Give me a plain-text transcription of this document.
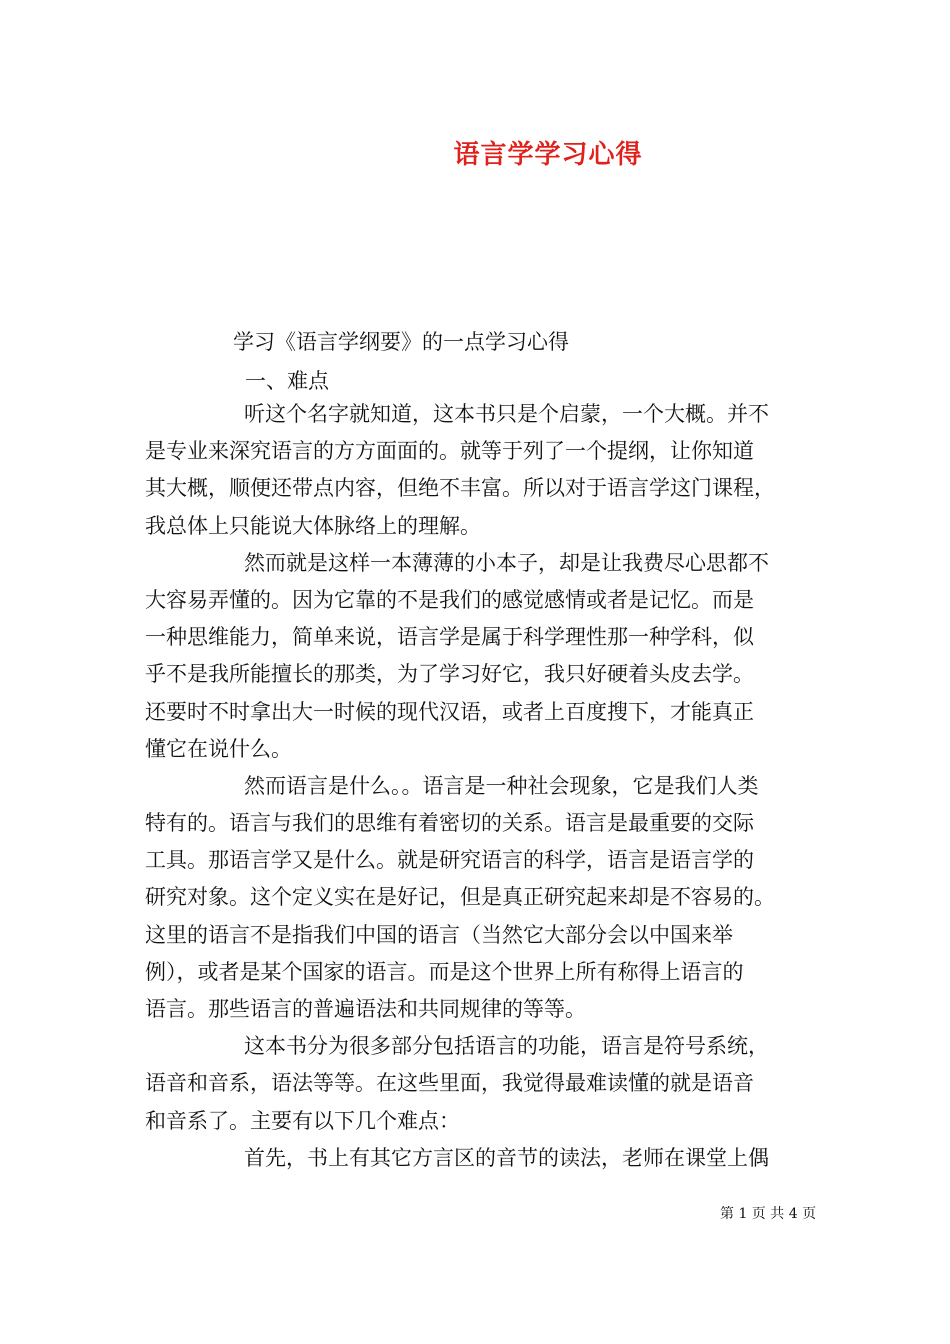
语言学学习心得
学习《语言学纲要》的一点学习心得
一、难点
听这个名字就知道，这本书只是个启蒙，一个大概。并不
是专业来深究语言的方方面面的。就等于列了一个提纲，让你知道
其大概，顺便还带点内容，但绝不丰富。所以对于语言学这门课程，
我总体上只能说大体脉络上的理解。
然而就是这样一本薄薄的小本子，却是让我费尽心思都不
大容易弄懂的。因为它靠的不是我们的感觉感情或者是记忆。而是
一种思维能力，简单来说，语言学是属于科学理性那一种学科，似
乎不是我所能擅长的那类，为了学习好它，我只好硬着头皮去学。
还要时不时拿出大一时候的现代汉语，或者上百度搜下，才能真正
懂它在说什么。
然而语言是什么。。语言是一种社会现象，它是我们人类
特有的。语言与我们的思维有着密切的关系。语言是最重要的交际
工具。那语言学又是什么。就是研究语言的科学，语言是语言学的
研究对象。这个定义实在是好记，但是真正研究起来却是不容易的。
这里的语言不是指我们中国的语言（当然它大部分会以中国来举
例），或者是某个国家的语言。而是这个世界上所有称得上语言的
语言。那些语言的普遍语法和共同规律的等等。
这本书分为很多部分包括语言的功能，语言是符号系统，
语音和音系，语法等等。在这些里面，我觉得最难读懂的就是语音
和音系了。主要有以下几个难点：
首先，书上有其它方言区的音节的读法，老师在课堂上偶
第 1 页 共 4 页
